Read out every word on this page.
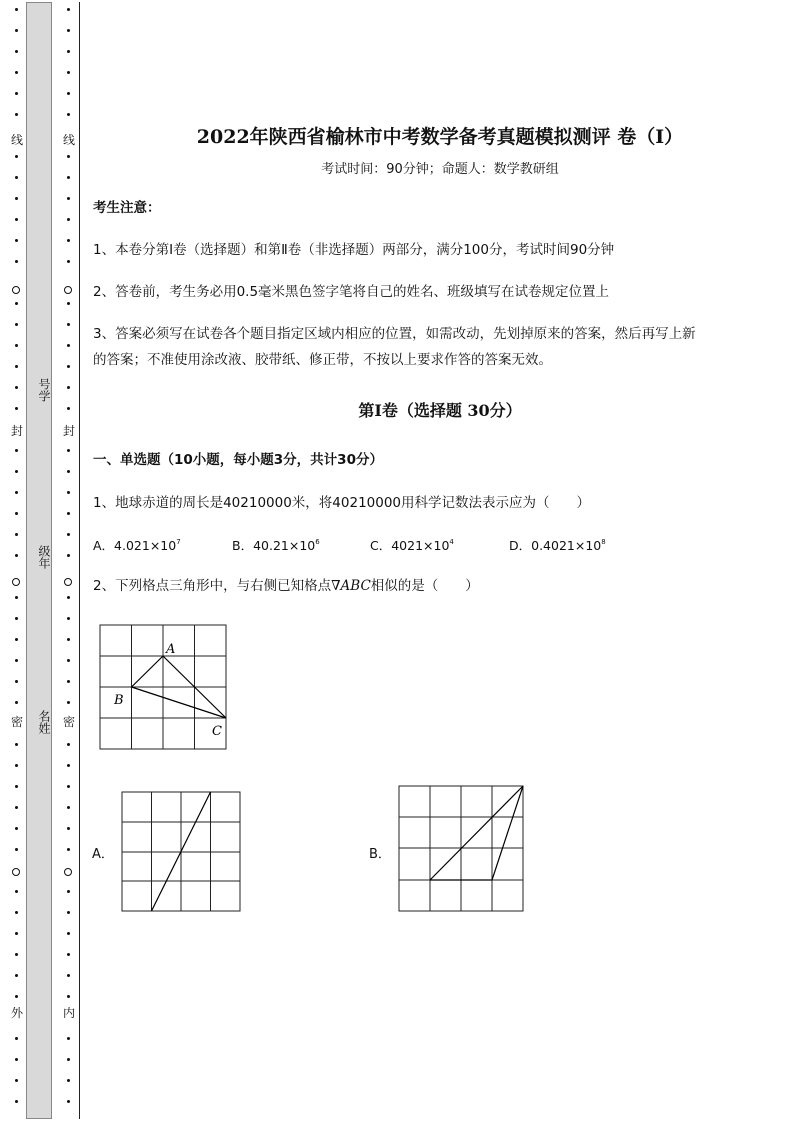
线
封
密
外
线
封
密
内
号学
级年
名姓
2022年陕西省榆林市中考数学备考真题模拟测评 卷（Ⅰ）
考试时间：90分钟；命题人：数学教研组
考生注意：
1、本卷分第I卷（选择题）和第Ⅱ卷（非选择题）两部分，满分100分，考试时间90分钟
2、答卷前，考生务必用0.5毫米黑色签字笔将自己的姓名、班级填写在试卷规定位置上
3、答案必须写在试卷各个题目指定区域内相应的位置，如需改动，先划掉原来的答案，然后再写上新
的答案；不准使用涂改液、胶带纸、修正带，不按以上要求作答的答案无效。
第I卷（选择题 30分）
一、单选题（10小题，每小题3分，共计30分）
1、地球赤道的周长是40210000米，将40210000用科学记数法表示应为（　　）
A．$4.021\times 10^7$	B．$40.21\times 10^6$	C．$4021\times 10^4$	D．$0.4021\times 10^8$
2、下列格点三角形中，与右侧已知格点∇ABC相似的是（　　）
A
B
C
A．	B．
